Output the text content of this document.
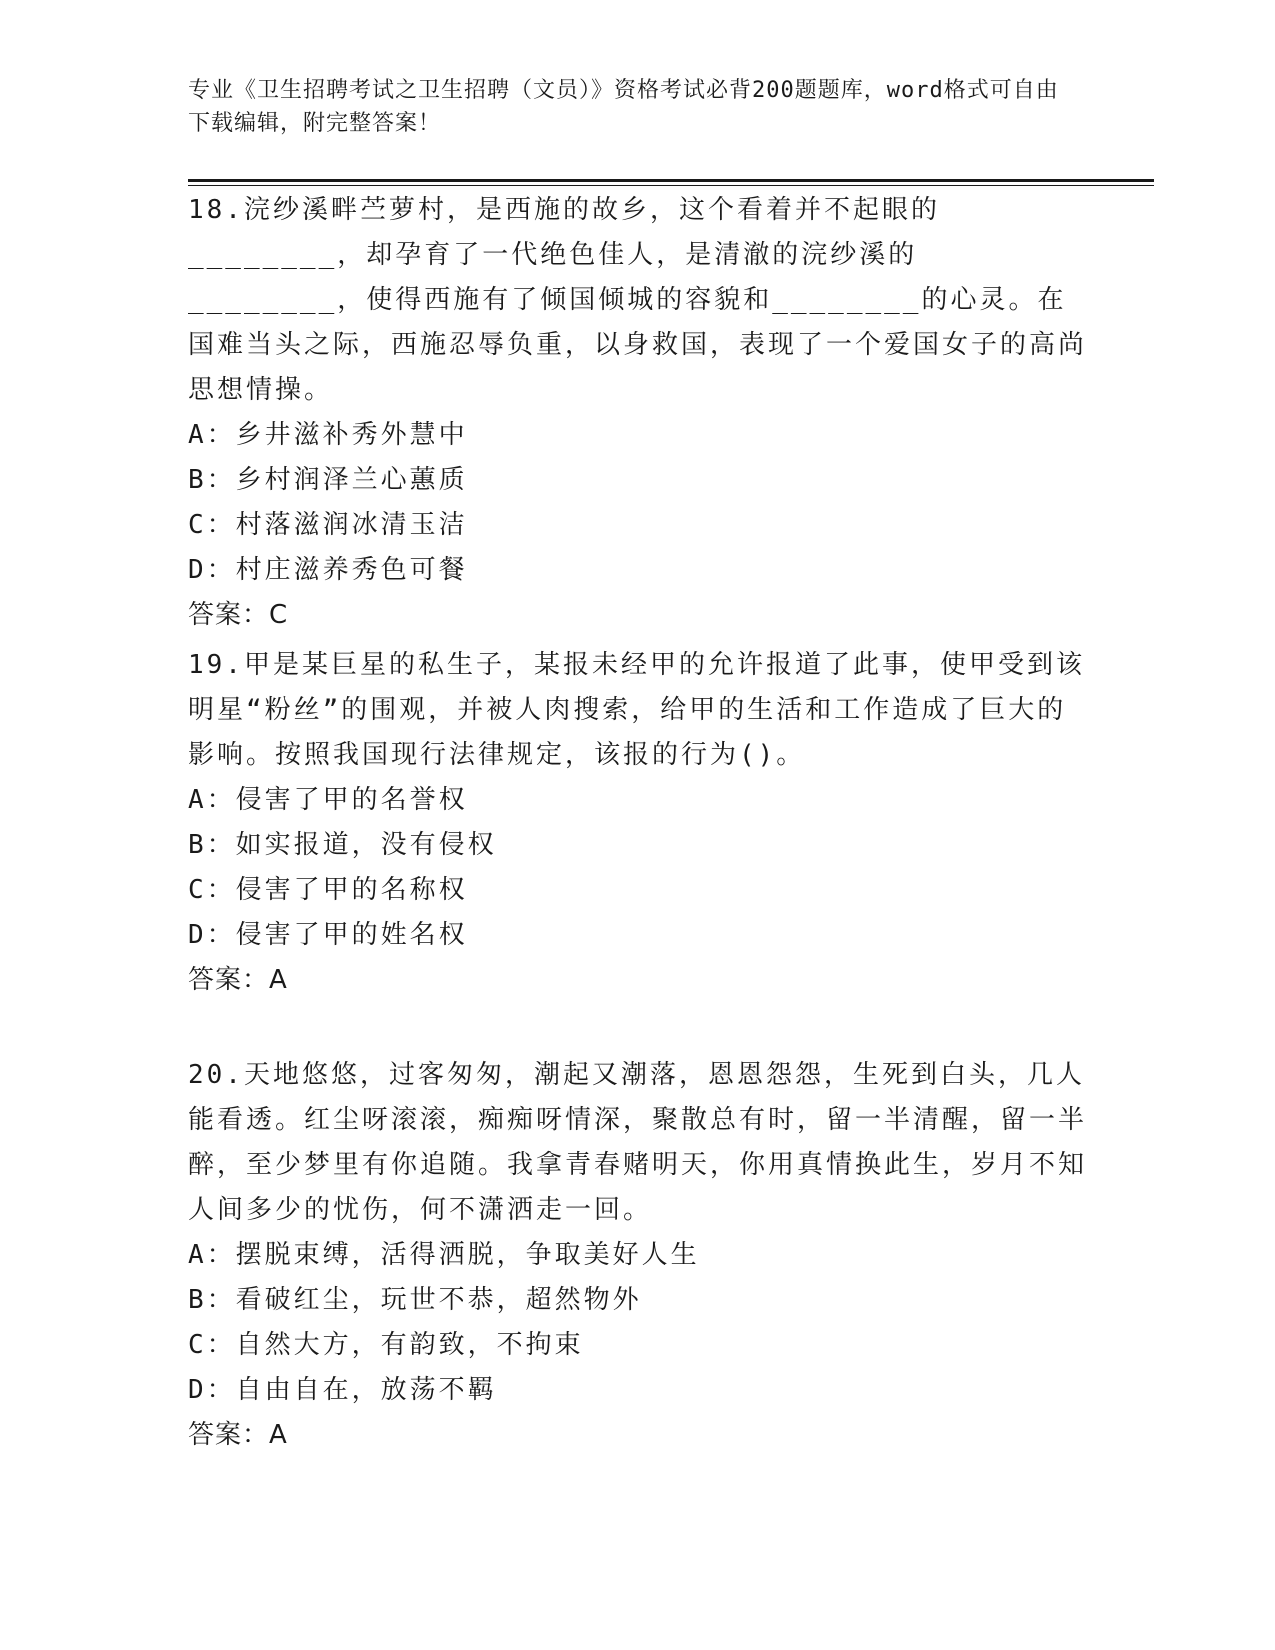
专业《卫生招聘考试之卫生招聘（文员）》资格考试必背200题题库，word格式可自由下载编辑，附完整答案！

18.浣纱溪畔苎萝村，是西施的故乡，这个看着并不起眼的________，却孕育了一代绝色佳人，是清澈的浣纱溪的________，使得西施有了倾国倾城的容貌和________的心灵。在国难当头之际，西施忍辱负重，以身救国，表现了一个爱国女子的高尚思想情操。

A：乡井滋补秀外慧中

B：乡村润泽兰心蕙质

C：村落滋润冰清玉洁

D：村庄滋养秀色可餐

答案：C

19.甲是某巨星的私生子，某报未经甲的允许报道了此事，使甲受到该明星“粉丝”的围观，并被人肉搜索，给甲的生活和工作造成了巨大的影响。按照我国现行法律规定，该报的行为()。

A：侵害了甲的名誉权

B：如实报道，没有侵权

C：侵害了甲的名称权

D：侵害了甲的姓名权

答案：A

20.天地悠悠，过客匆匆，潮起又潮落，恩恩怨怨，生死到白头，几人能看透。红尘呀滚滚，痴痴呀情深，聚散总有时，留一半清醒，留一半醉，至少梦里有你追随。我拿青春赌明天，你用真情换此生，岁月不知人间多少的忧伤，何不潇洒走一回。

A：摆脱束缚，活得洒脱，争取美好人生

B：看破红尘，玩世不恭，超然物外

C：自然大方，有韵致，不拘束

D：自由自在，放荡不羁

答案：A
